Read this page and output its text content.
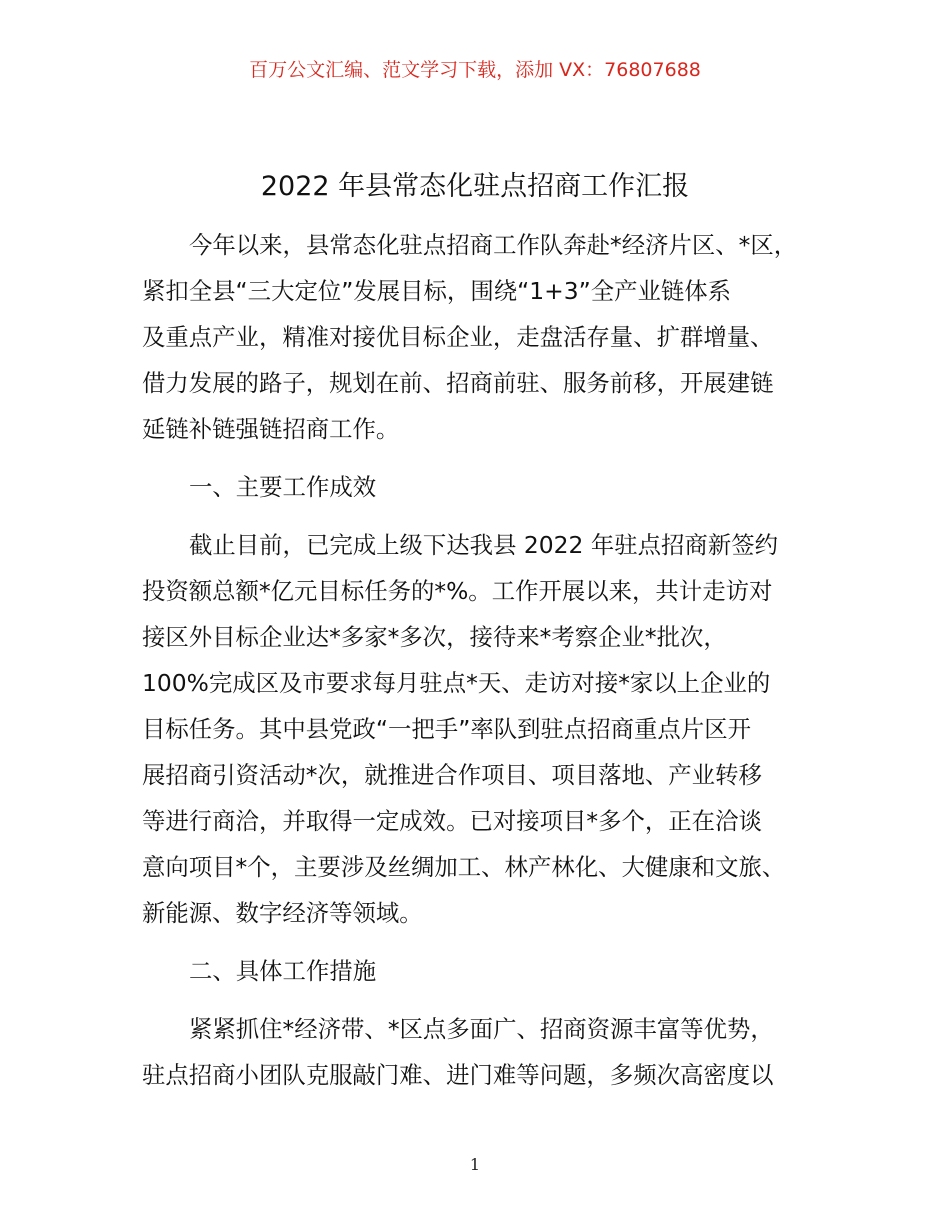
百万公文汇编、范文学习下载，添加 VX：76807688
2022 年县常态化驻点招商工作汇报
今年以来，县常态化驻点招商工作队奔赴*经济片区、*区，
紧扣全县“三大定位”发展目标，围绕“1+3”全产业链体系
及重点产业，精准对接优目标企业，走盘活存量、扩群增量、
借力发展的路子，规划在前、招商前驻、服务前移，开展建链
延链补链强链招商工作。
一、主要工作成效
截止目前，已完成上级下达我县 2022 年驻点招商新签约
投资额总额*亿元目标任务的*%。工作开展以来，共计走访对
接区外目标企业达*多家*多次，接待来*考察企业*批次，
100%完成区及市要求每月驻点*天、走访对接*家以上企业的
目标任务。其中县党政“一把手”率队到驻点招商重点片区开
展招商引资活动*次，就推进合作项目、项目落地、产业转移
等进行商洽，并取得一定成效。已对接项目*多个，正在洽谈
意向项目*个，主要涉及丝绸加工、林产林化、大健康和文旅、
新能源、数字经济等领域。
二、具体工作措施
紧紧抓住*经济带、*区点多面广、招商资源丰富等优势，
驻点招商小团队克服敲门难、进门难等问题，多频次高密度以
1
